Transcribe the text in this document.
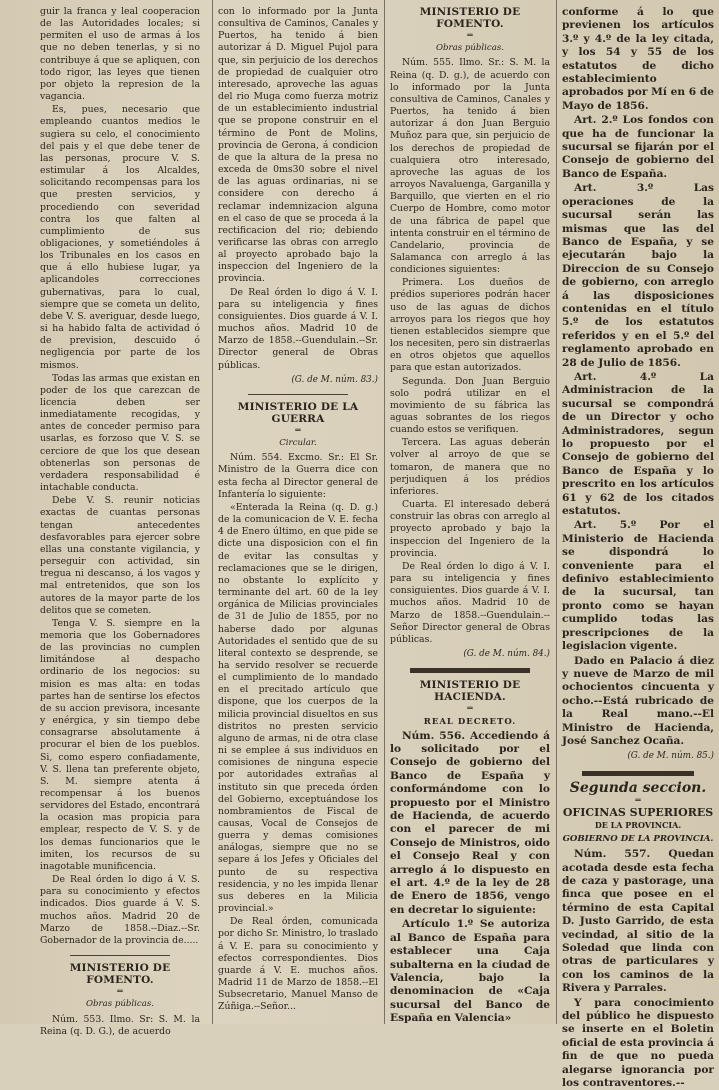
guir la franca y leal cooperacion de las Autoridades locales; si permiten el uso de armas á los que no deben tenerlas, y si no contribuye á que se apliquen, con todo rigor, las leyes que tienen por objeto la represion de la vagancia.

Es, pues, necesario que empleando cuantos medios le sugiera su celo, el conocimiento del pais y el que debe tener de las personas, procure V. S. estimular á los Alcaldes, solicitando recompensas para los que presten servicios, y procediendo con severidad contra los que falten al cumplimiento de sus obligaciones, y sometiéndoles á los Tribunales en los casos en que á ello hubiese lugar, ya aplicandoles correcciones gubernativas, para lo cual, siempre que se cometa un delito, debe V. S. averiguar, desde luego, si ha habido falta de actividad ó de prevision, descuido ó negligencia por parte de los mismos.

Todas las armas que existan en poder de los que carezcan de licencia deben ser inmediatamente recogidas, y antes de conceder permiso para usarlas, es forzoso que V. S. se cerciore de que los que desean obtenerlas son personas de verdadera responsabilidad é intachable conducta.

Debe V. S. reunir noticias exactas de cuantas personas tengan antecedentes desfavorables para ejercer sobre ellas una constante vigilancia, y perseguir con actividad, sin tregua ni descanso, á los vagos y mal entretenidos, que son los autores de la mayor parte de los delitos que se cometen.

Tenga V. S. siempre en la memoria que los Gobernadores de las provincias no cumplen limitándose al despacho ordinario de los negocios: su mision es mas alta: en todas partes han de sentirse los efectos de su accion previsora, incesante y enérgica, y sin tiempo debe consagrarse absolutamente á procurar el bien de los pueblos. Si, como espero confiadamente, V. S. llena tan preferente objeto, S. M. siempre atenta á recompensar á los buenos servidores del Estado, encontrará la ocasion mas propicia para emplear, respecto de V. S. y de los demas funcionarios que le imiten, los recursos de su inagotable munificencia.

De Real órden lo digo á V. S. para su conocimiento y efectos indicados. Dios guarde á V. S. muchos años. Madrid 20 de Marzo de 1858.--Diaz.--Sr. Gobernador de la provincia de.....

MINISTERIO DE FOMENTO.
═
Obras públicas.

Núm. 553. Ilmo. Sr: S. M. la Reina (q. D. G.), de acuerdo

con lo informado por la Junta consultiva de Caminos, Canales y Puertos, ha tenido á bien autorizar á D. Miguel Pujol para que, sin perjuicio de los derechos de propiedad de cualquier otro interesado, aproveche las aguas del rio Muga como fuerza motriz de un establecimiento industrial que se propone construir en el término de Pont de Molins, provincia de Gerona, á condicion de que la altura de la presa no exceda de 0ms30 sobre el nivel de las aguas ordinarias, ni se considere con derecho á reclamar indemnizacion alguna en el caso de que se proceda á la rectificacion del rio; debiendo verificarse las obras con arreglo al proyecto aprobado bajo la inspeccion del Ingeniero de la provincia.

De Real órden lo digo á V. I. para su inteligencia y fines consiguientes. Dios guarde á V. I. muchos años. Madrid 10 de Marzo de 1858.--Guendulain.--Sr. Director general de Obras públicas.

(G. de M. núm. 83.)
MINISTERIO DE LA GUERRA
═
Circular.

Núm. 554. Excmo. Sr.: El Sr. Ministro de la Guerra dice con esta fecha al Director general de Infantería lo siguiente:

«Enterada la Reina (q. D. g.) de la comunicacion de V. E. fecha 4 de Enero último, en que pide se dicte una disposicion con el fin de evitar las consultas y reclamaciones que se le dirigen, no obstante lo explícito y terminante del art. 60 de la ley orgánica de Milicias provinciales de 31 de Julio de 1855, por no haberse dado por algunas Autoridades el sentido que de su literal contexto se desprende, se ha servido resolver se recuerde el cumplimiento de lo mandado en el precitado artículo que dispone, que los cuerpos de la milicia provincial disueltos en sus distritos no presten servicio alguno de armas, ni de otra clase ni se emplee á sus individuos en comisiones de ninguna especie por autoridades extrañas al instituto sin que preceda órden del Gobierno, exceptuándose los nombramientos de Fiscal de causas, Vocal de Consejos de guerra y demas comisiones análogas, siempre que no se separe á los Jefes y Oficiales del punto de su respectiva residencia, y no les impida llenar sus deberes en la Milicia provincial.»

De Real órden, comunicada por dicho Sr. Ministro, lo traslado á V. E. para su conocimiento y efectos correspondientes. Dios guarde á V. E. muchos años. Madrid 11 de Marzo de 1858.--El Subsecretario, Manuel Manso de Zúñiga.--Señor...

MINISTERIO DE FOMENTO.
═
Obras públicas.

Núm. 555. Ilmo. Sr.: S. M. la Reina (q. D. g.), de acuerdo con lo informado por la Junta consultiva de Caminos, Canales y Puertos, ha tenido á bien autorizar á don Juan Berguio Muñoz para que, sin perjuicio de los derechos de propiedad de cualquiera otro interesado, aproveche las aguas de los arroyos Navaluenga, Garganilla y Barquillo, que vierten en el rio Cuerpo de Hombre, como motor de una fábrica de papel que intenta construir en el término de Candelario, provincia de Salamanca con arreglo á las condiciones siguientes:

Primera. Los dueños de prédios superiores podrán hacer uso de las aguas de dichos arroyos para los riegos que hoy tienen establecidos siempre que los necesiten, pero sin distraerlas en otros objetos que aquellos para que estan autorizados.

Segunda. Don Juan Berguio solo podrá utilizar en el movimiento de su fábrica las aguas sobrantes de los riegos cuando estos se verifiquen.

Tercera. Las aguas deberán volver al arroyo de que se tomaron, de manera que no perjudiquen á los prédios inferiores.

Cuarta. El interesado deberá construir las obras con arreglo al proyecto aprobado y bajo la inspeccion del Ingeniero de la provincia.

De Real órden lo digo á V. I. para su inteligencia y fines consiguientes. Dios guarde á V. I. muchos años. Madrid 10 de Marzo de 1858.--Guendulain.--Señor Director general de Obras públicas.

(G. de M. núm. 84.)
MINISTERIO DE HACIENDA.
═

REAL DECRETO.

Núm. 556. Accediendo á lo solicitado por el Consejo de gobierno del Banco de España y conformándome con lo propuesto por el Ministro de Hacienda, de acuerdo con el parecer de mi Consejo de Ministros, oido el Consejo Real y con arreglo á lo dispuesto en el art. 4.º de la ley de 28 de Enero de 1856, vengo en decretar lo siguiente:

Artículo 1.º Se autoriza al Banco de España para establecer una Caja subalterna en la ciudad de Valencia, bajo la denominacion de «Caja sucursal del Banco de España en Valencia»

conforme á lo que previenen los artículos 3.º y 4.º de la ley citada, y los 54 y 55 de los estatutos de dicho establecimiento aprobados por Mí en 6 de Mayo de 1856.

Art. 2.º Los fondos con que ha de funcionar la sucursal se fijarán por el Consejo de gobierno del Banco de España.

Art. 3.º Las operaciones de la sucursal serán las mismas que las del Banco de España, y se ejecutarán bajo la Direccion de su Consejo de gobierno, con arreglo á las disposiciones contenidas en el título 5.º de los estatutos referidos y en el 5.º del reglamento aprobado en 28 de Julio de 1856.

Art. 4.º La Administracion de la sucursal se compondrá de un Director y ocho Administradores, segun lo propuesto por el Consejo de gobierno del Banco de España y lo prescrito en los artículos 61 y 62 de los citados estatutos.

Art. 5.º Por el Ministerio de Hacienda se dispondrá lo conveniente para el definivo establecimiento de la sucursal, tan pronto como se hayan cumplido todas las prescripciones de la legislacion vigente.

Dado en Palacio á diez y nueve de Marzo de mil ochocientos cincuenta y ocho.--Está rubricado de la Real mano.--El Ministro de Hacienda, José Sanchez Ocaña.

(G. de M. núm. 85.)
Segunda seccion.
═
OFICINAS SUPERIORES
DE LA PROVINCIA.
GOBIERNO DE LA PROVINCIA.

Núm. 557. Quedan acotada desde esta fecha de caza y pastorage, una finca que posee en el término de esta Capital D. Justo Garrido, de esta vecindad, al sitio de la Soledad que linda con otras de particulares y con los caminos de la Rivera y Parrales.

Y para conocimiento del público he dispuesto se inserte en el Boletin oficial de esta provincia á fin de que no pueda alegarse ignorancia por los contraventores.--
